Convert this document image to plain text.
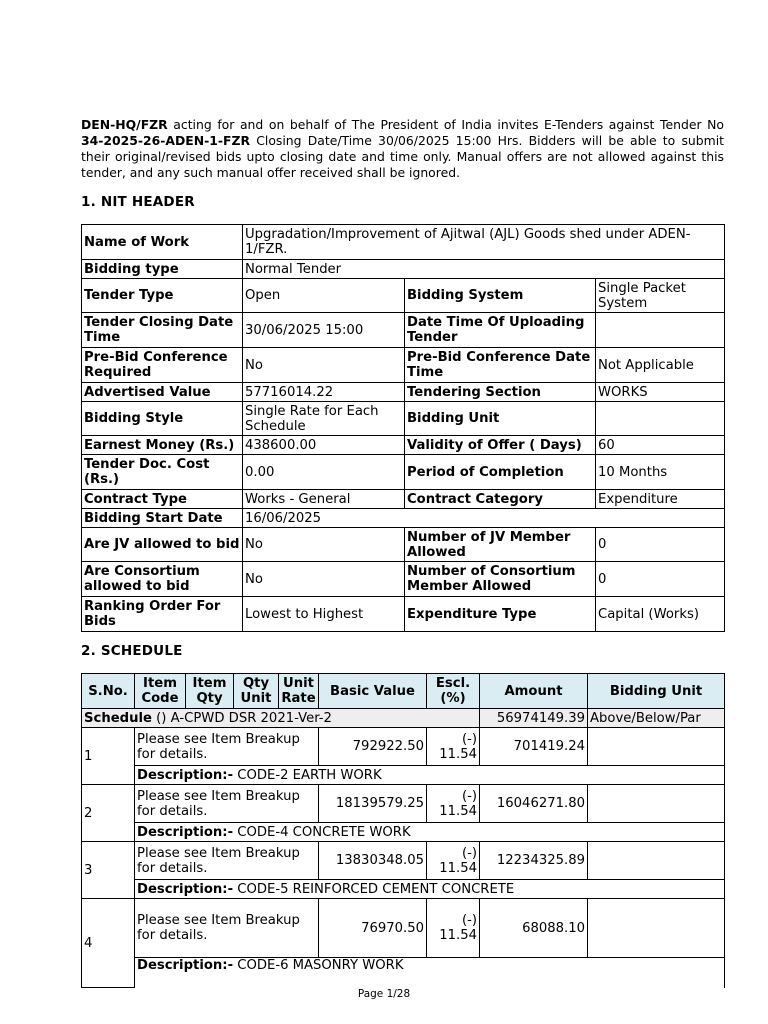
DEN-HQ/FZR acting for and on behalf of The President of India invites E-Tenders against Tender No 34-2025-26-ADEN-1-FZR Closing Date/Time 30/06/2025 15:00 Hrs. Bidders will be able to submit their original/revised bids upto closing date and time only. Manual offers are not allowed against this tender, and any such manual offer received shall be ignored.
1. NIT HEADER
Name of Work	Upgradation/Improvement of Ajitwal (AJL) Goods shed under ADEN-1/FZR.		
Bidding type	Normal Tender		
Tender Type	Open	Bidding System	Single Packet System
Tender Closing Date Time	30/06/2025 15:00	Date Time Of Uploading Tender	
Pre-Bid Conference Required	No	Pre-Bid Conference Date Time	Not Applicable
Advertised Value	57716014.22	Tendering Section	WORKS
Bidding Style	Single Rate for Each Schedule	Bidding Unit	
Earnest Money (Rs.)	438600.00	Validity of Offer ( Days)	60
Tender Doc. Cost (Rs.)	0.00	Period of Completion	10 Months
Contract Type	Works - General	Contract Category	Expenditure
Bidding Start Date	16/06/2025		
Are JV allowed to bid	No	Number of JV Member Allowed	0
Are Consortium allowed to bid	No	Number of Consortium Member Allowed	0
Ranking Order For Bids	Lowest to Highest	Expenditure Type	Capital (Works)
2. SCHEDULE
S.No.	Item Code	Item Qty	Qty Unit	Unit Rate	Basic Value	Escl. (%)	Amount	Bidding Unit
Schedule () A-CPWD DSR 2021-Ver-2							56974149.39	Above/Below/Par
1	Please see Item Breakup for details.				792922.50	(-) 11.54	701419.24	
	Description:- CODE-2 EARTH WORK							
2	Please see Item Breakup for details.				18139579.25	(-) 11.54	16046271.80	
	Description:- CODE-4 CONCRETE WORK							
3	Please see Item Breakup for details.				13830348.05	(-) 11.54	12234325.89	
	Description:- CODE-5 REINFORCED CEMENT CONCRETE							
4	Please see Item Breakup for details.				76970.50	(-) 11.54	68088.10	
	Description:- CODE-6 MASONRY WORK							
Page 1/28
